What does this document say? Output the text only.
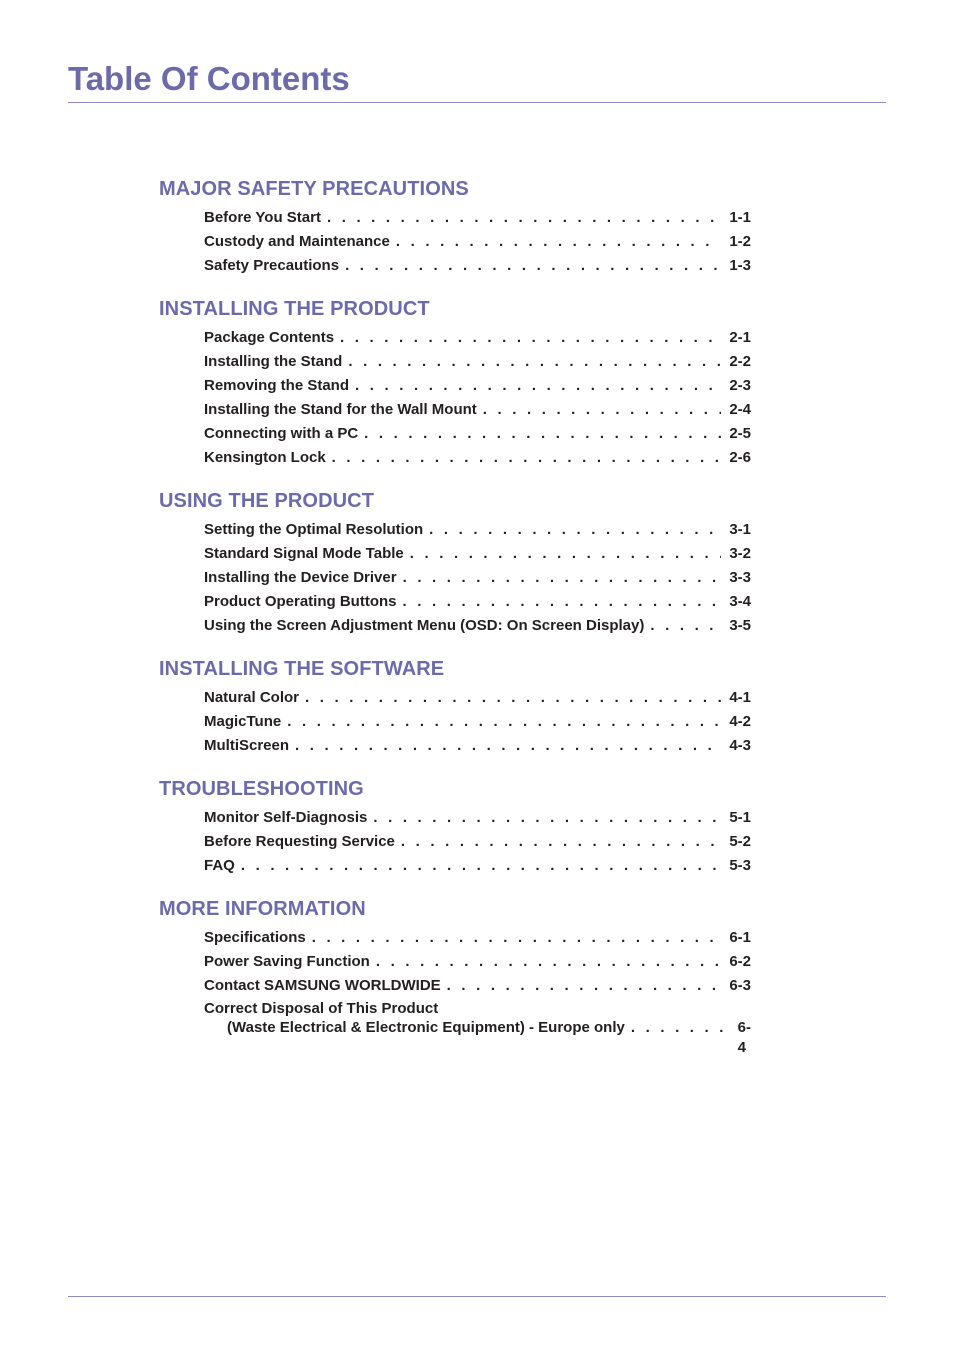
Table Of Contents
MAJOR SAFETY PRECAUTIONS
Before You Start . . .	1-1
Custody and Maintenance . . .	1-2
Safety Precautions . . .	1-3
INSTALLING THE PRODUCT
Package Contents . . .	2-1
Installing the Stand . . .	2-2
Removing the Stand . . .	2-3
Installing the Stand for the Wall Mount . . .	2-4
Connecting with a PC . . .	2-5
Kensington Lock . . .	2-6
USING THE PRODUCT
Setting the Optimal Resolution . . .	3-1
Standard Signal Mode Table . . .	3-2
Installing the Device Driver . . .	3-3
Product Operating Buttons . . .	3-4
Using the Screen Adjustment Menu (OSD: On Screen Display) . . .	3-5
INSTALLING THE SOFTWARE
Natural Color . . .	4-1
MagicTune . . .	4-2
MultiScreen . . .	4-3
TROUBLESHOOTING
Monitor Self-Diagnosis . . .	5-1
Before Requesting Service . . .	5-2
FAQ . . .	5-3
MORE INFORMATION
Specifications . . .	6-1
Power Saving Function . . .	6-2
Contact SAMSUNG WORLDWIDE . . .	6-3
Correct Disposal of This Product
(Waste Electrical & Electronic Equipment) - Europe only . . .	6-4
